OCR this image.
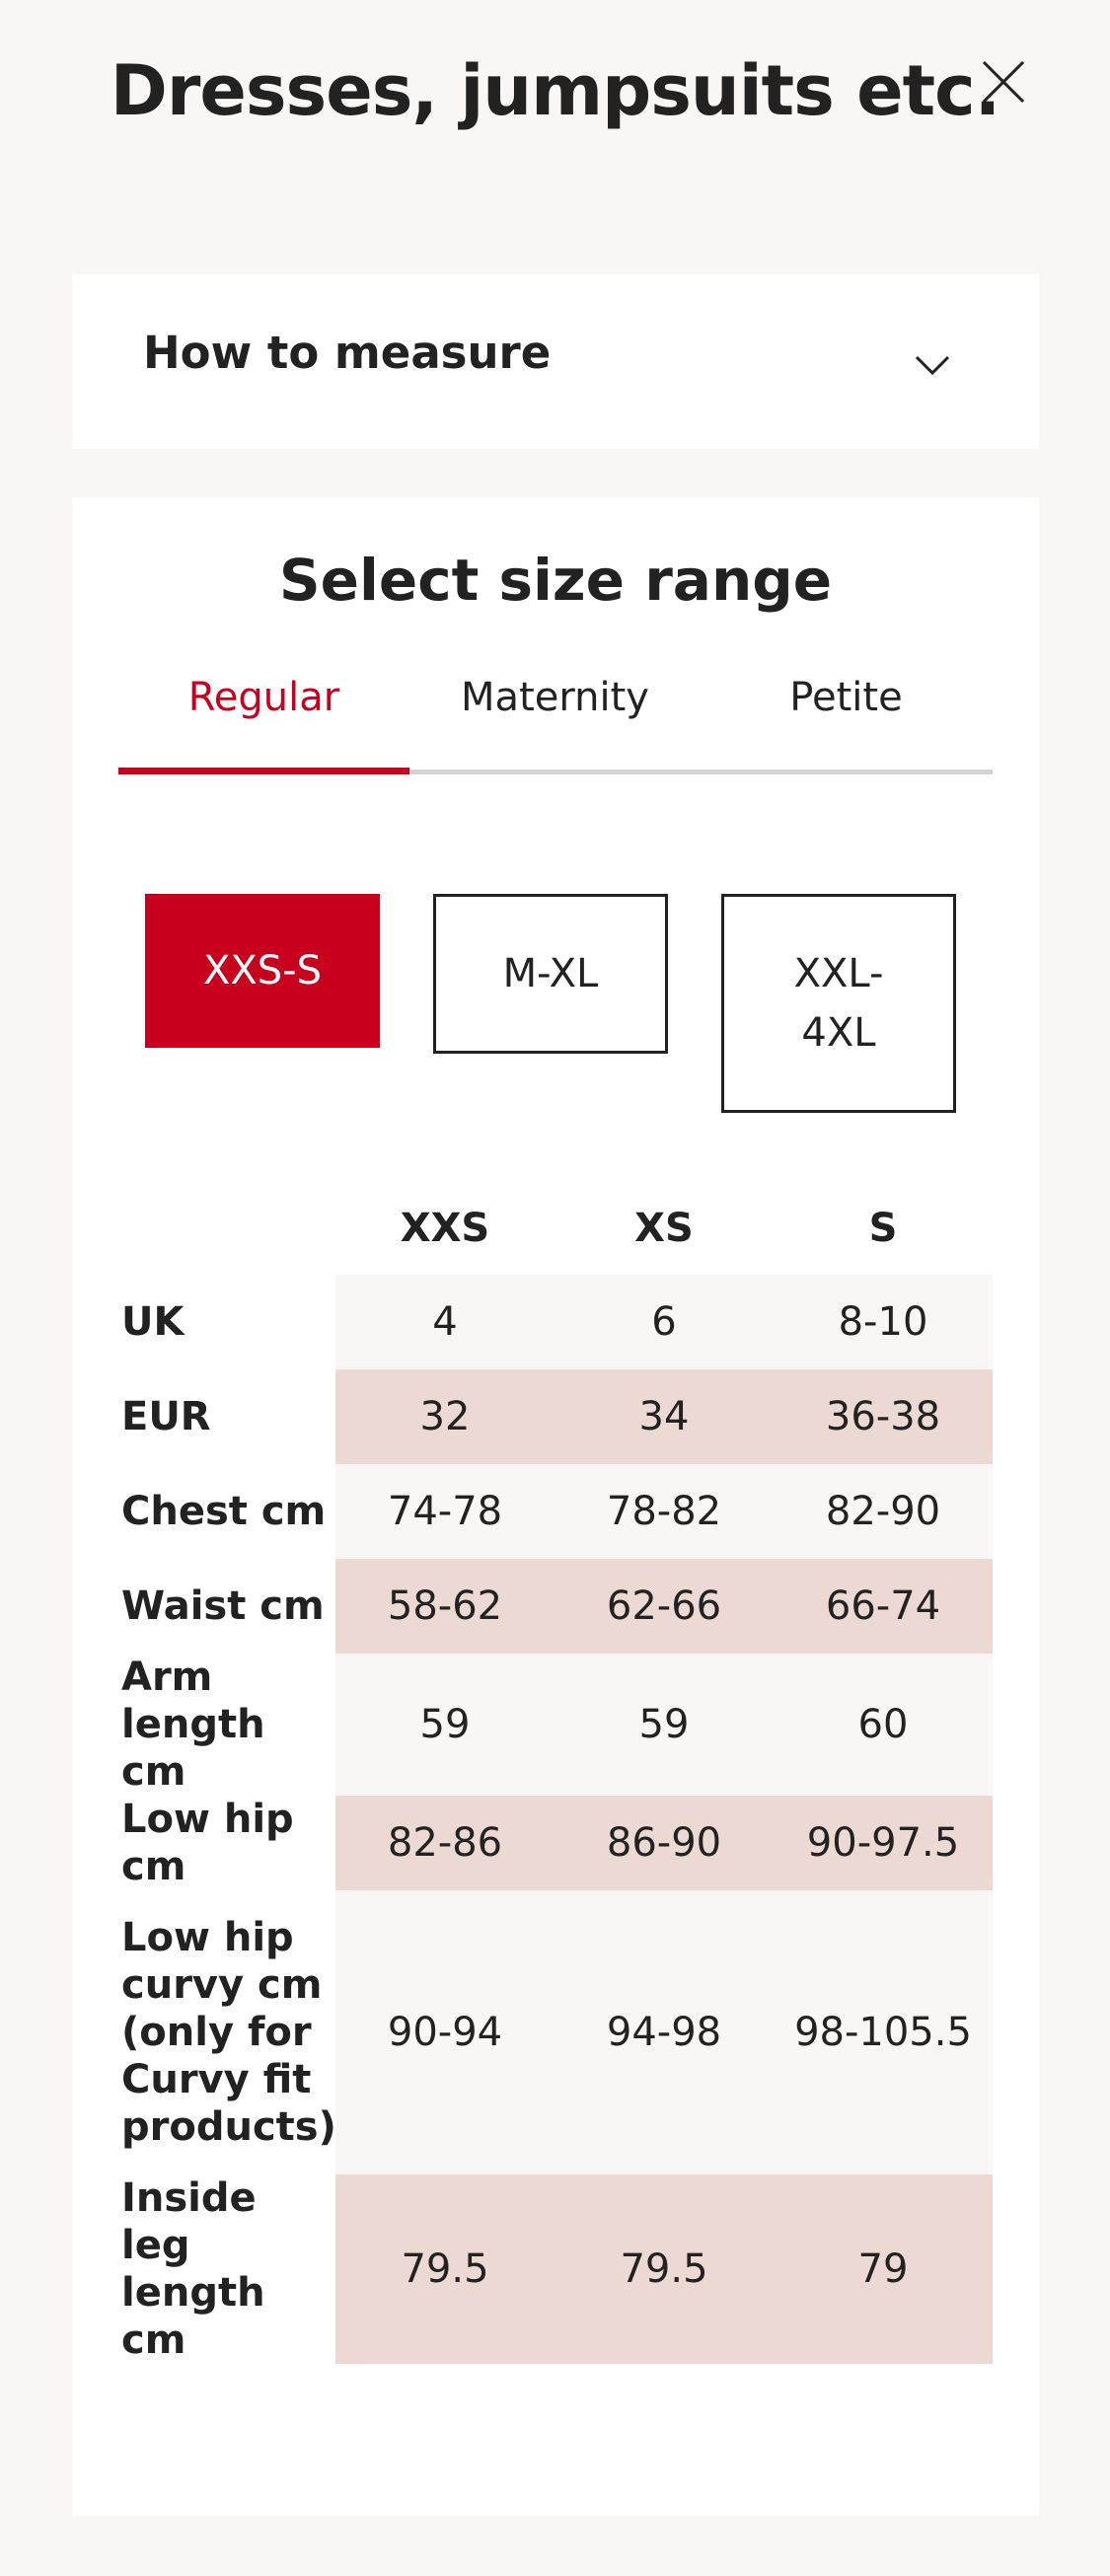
Dresses, jumpsuits etc.
How to measure
Select size range
Regular	Maternity	Petite
XXS-S	M-XL	XXL-
4XL
	XXS	XS	S
UK	4	6	8-10
EUR	32	34	36-38
Chest cm	74-78	78-82	82-90
Waist cm	58-62	62-66	66-74
Arm length cm	59	59	60
Low hip cm	82-86	86-90	90-97.5
Low hip curvy cm (only for Curvy fit products)	90-94	94-98	98-105.5
Inside leg length cm	79.5	79.5	79
